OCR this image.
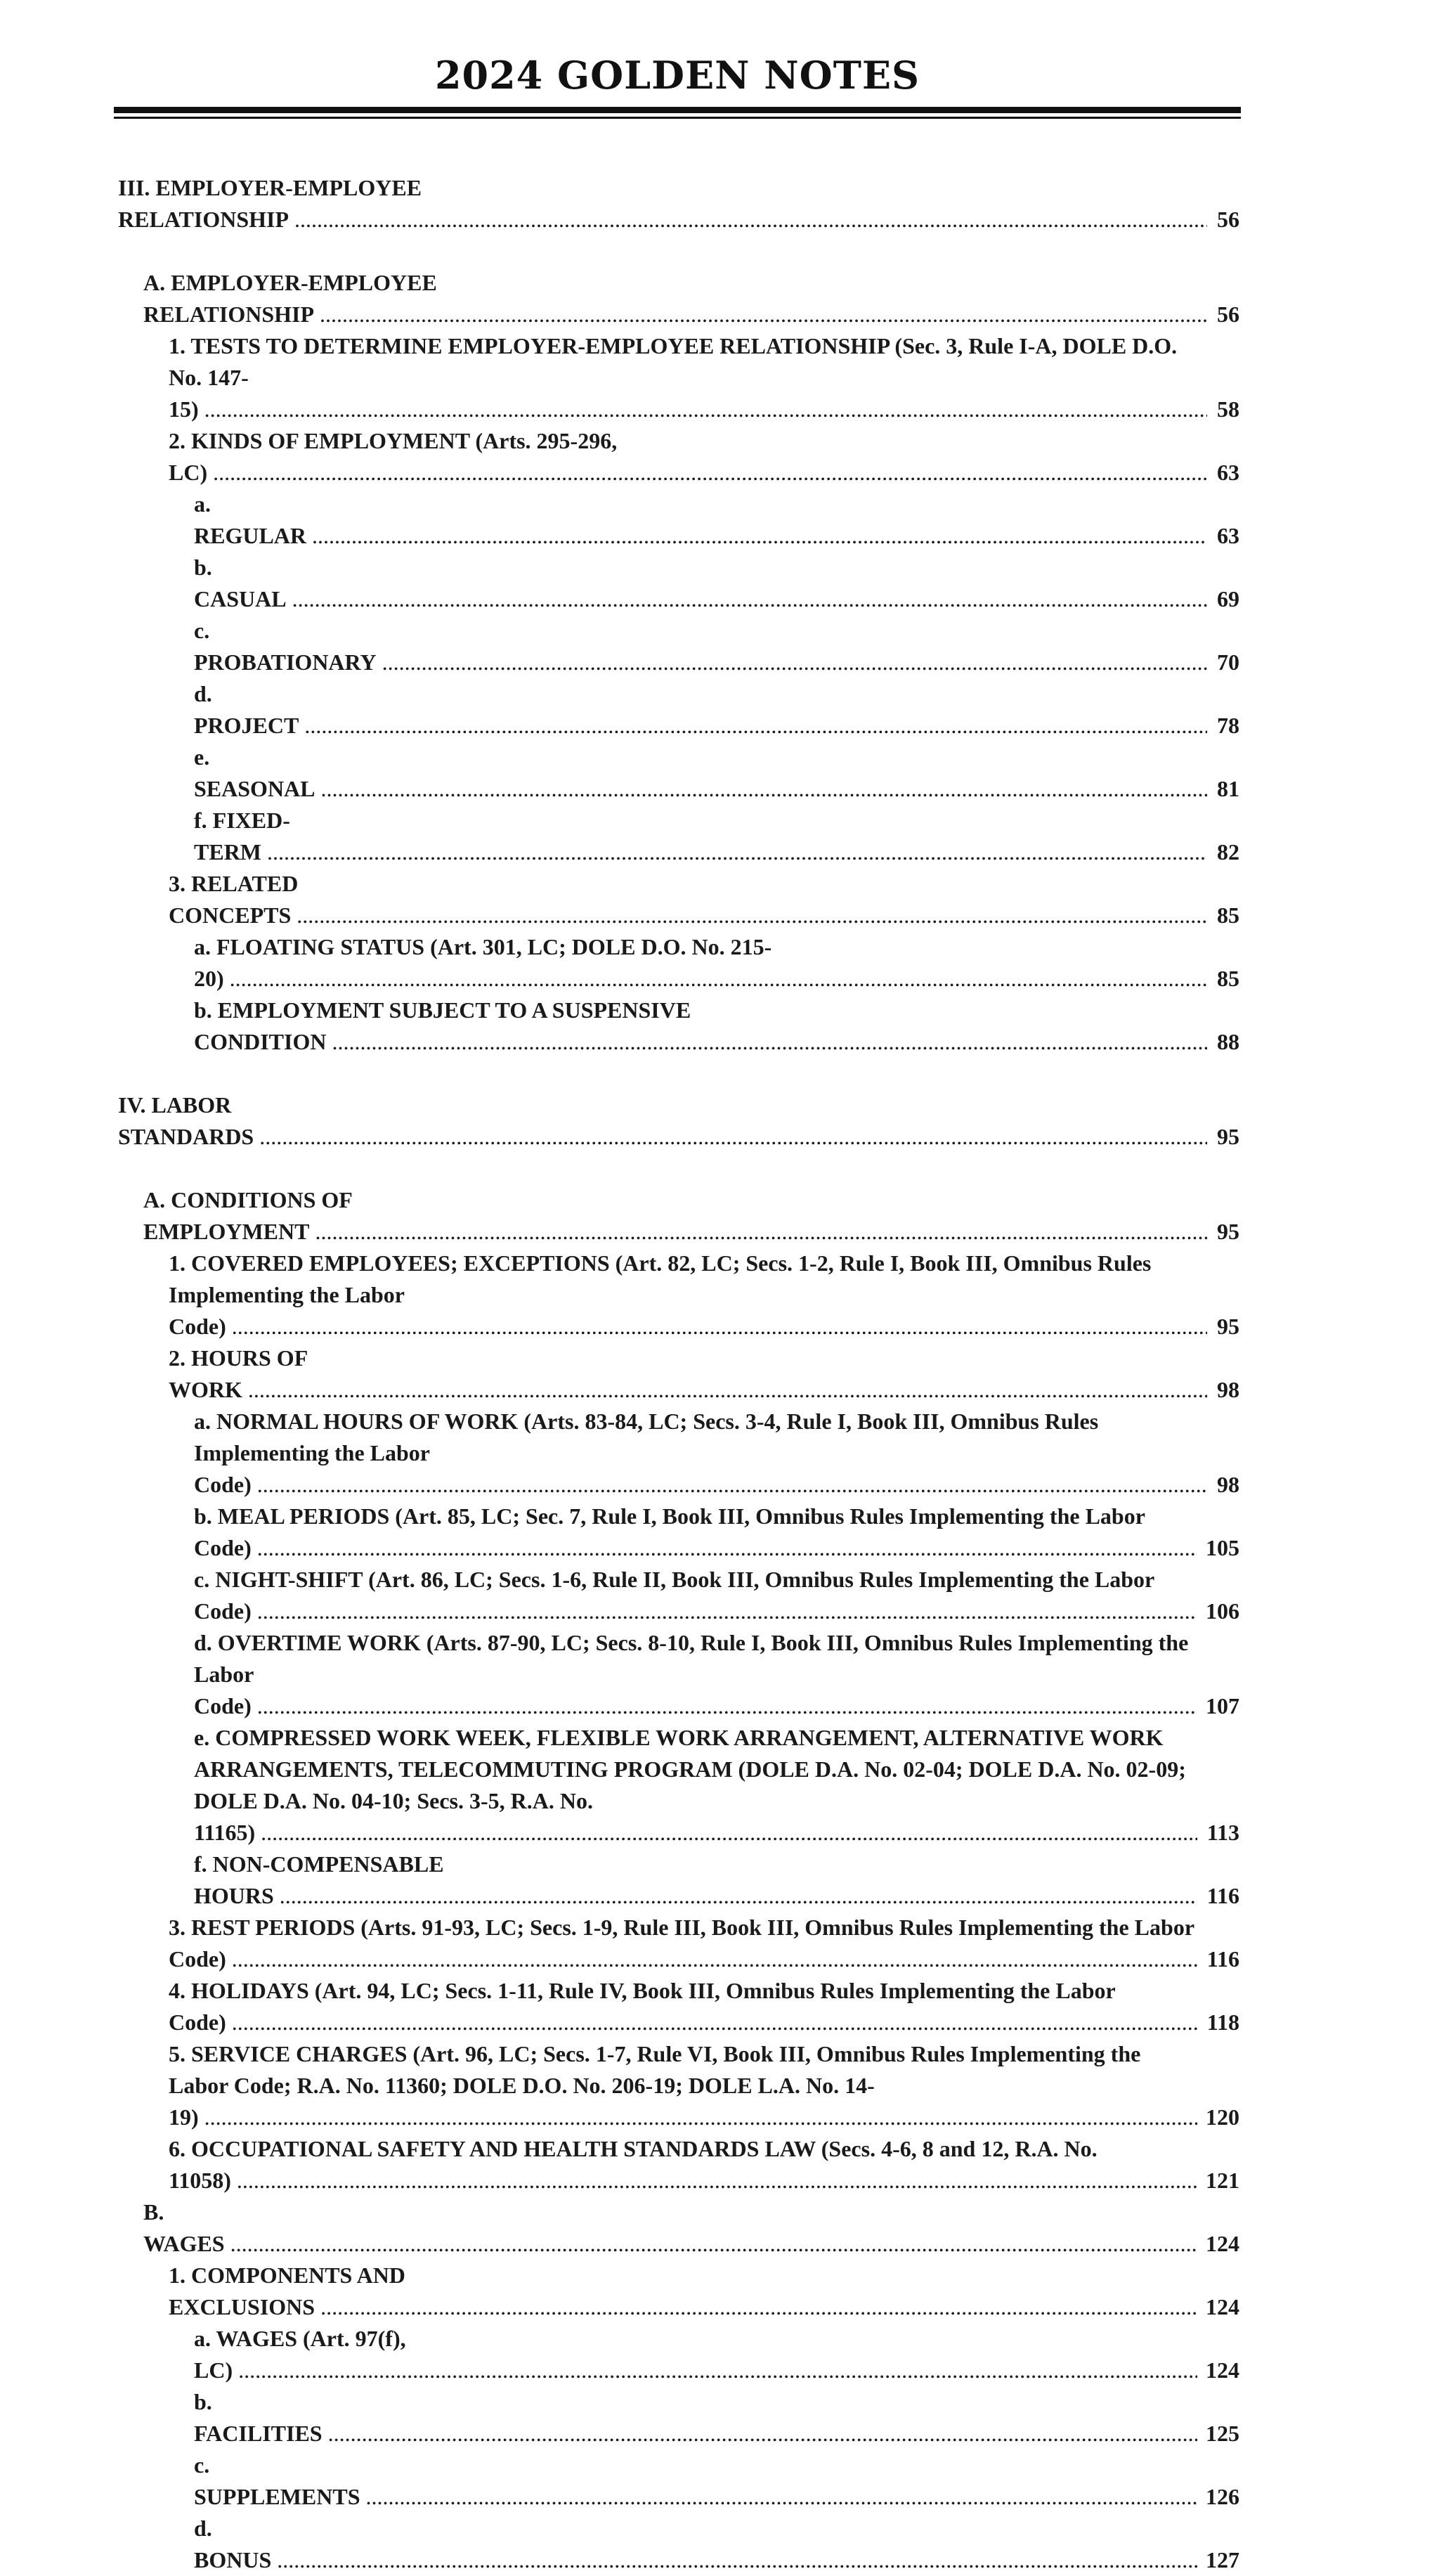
2024 GOLDEN NOTES
III. EMPLOYER-EMPLOYEE RELATIONSHIP .....	56
A. EMPLOYER-EMPLOYEE RELATIONSHIP .....	56
1. TESTS TO DETERMINE EMPLOYER-EMPLOYEE RELATIONSHIP (Sec. 3, Rule I-A, DOLE D.O. No. 147-15) .....	58
2. KINDS OF EMPLOYMENT (Arts. 295-296, LC) .....	63
a. REGULAR .....	63
b. CASUAL .....	69
c. PROBATIONARY .....	70
d. PROJECT .....	78
e. SEASONAL .....	81
f. FIXED-TERM .....	82
3. RELATED CONCEPTS .....	85
a. FLOATING STATUS (Art. 301, LC; DOLE D.O. No. 215-20) .....	85
b. EMPLOYMENT SUBJECT TO A SUSPENSIVE CONDITION .....	88
IV. LABOR STANDARDS .....	95
A. CONDITIONS OF EMPLOYMENT .....	95
1. COVERED EMPLOYEES; EXCEPTIONS (Art. 82, LC; Secs. 1-2, Rule I, Book III, Omnibus Rules Implementing the Labor Code) .....	95
2. HOURS OF WORK .....	98
a. NORMAL HOURS OF WORK (Arts. 83-84, LC; Secs. 3-4, Rule I, Book III, Omnibus Rules Implementing the Labor Code) .....	98
b. MEAL PERIODS (Art. 85, LC; Sec. 7, Rule I, Book III, Omnibus Rules Implementing the Labor Code) .....	105
c. NIGHT-SHIFT (Art. 86, LC; Secs. 1-6, Rule II, Book III, Omnibus Rules Implementing the Labor Code) .....	106
d. OVERTIME WORK (Arts. 87-90, LC; Secs. 8-10, Rule I, Book III, Omnibus Rules Implementing the Labor Code) .....	107
e. COMPRESSED WORK WEEK, FLEXIBLE WORK ARRANGEMENT, ALTERNATIVE WORK ARRANGEMENTS, TELECOMMUTING PROGRAM (DOLE D.A. No. 02-04; DOLE D.A. No. 02-09; DOLE D.A. No. 04-10; Secs. 3-5, R.A. No. 11165) .....	113
f. NON-COMPENSABLE HOURS .....	116
3. REST PERIODS (Arts. 91-93, LC; Secs. 1-9, Rule III, Book III, Omnibus Rules Implementing the Labor Code) .....	116
4. HOLIDAYS (Art. 94, LC; Secs. 1-11, Rule IV, Book III, Omnibus Rules Implementing the Labor Code) .....	118
5. SERVICE CHARGES (Art. 96, LC; Secs. 1-7, Rule VI, Book III, Omnibus Rules Implementing the Labor Code; R.A. No. 11360; DOLE D.O. No. 206-19; DOLE L.A. No. 14-19) .....	120
6. OCCUPATIONAL SAFETY AND HEALTH STANDARDS LAW (Secs. 4-6, 8 and 12, R.A. No. 11058) .....	121
B. WAGES .....	124
1. COMPONENTS AND EXCLUSIONS .....	124
a. WAGES (Art. 97(f), LC) .....	124
b. FACILITIES .....	125
c. SUPPLEMENTS .....	126
d. BONUS .....	127
